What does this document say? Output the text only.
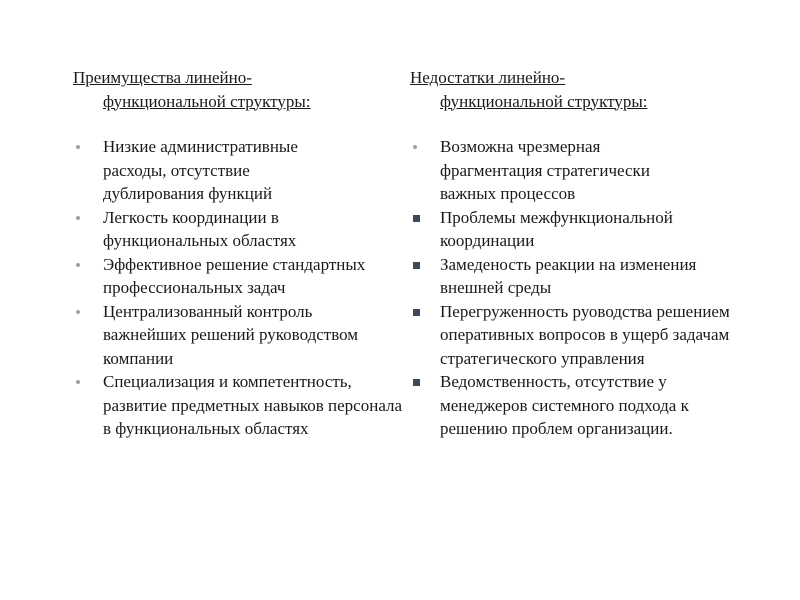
Преимущества линейно-
функциональной структуры:
Низкие административные расходы, отсутствие дублирования функций
Легкость координации в функциональных областях
Эффективное решение стандартных профессиональных задач
Централизованный контроль важнейших решений руководством компании
Специализация и компетентность, развитие предметных навыков персонала в функциональных областях
Недостатки линейно-
функциональной структуры:
Возможна чрезмерная фрагментация стратегически важных процессов
Проблемы межфункциональной координации
Замеденость реакции на изменения внешней среды
Перегруженность руоводства решением оперативных вопросов в ущерб задачам стратегического управления
Ведомственность, отсутствие у менеджеров системного подхода к решению проблем организации.
